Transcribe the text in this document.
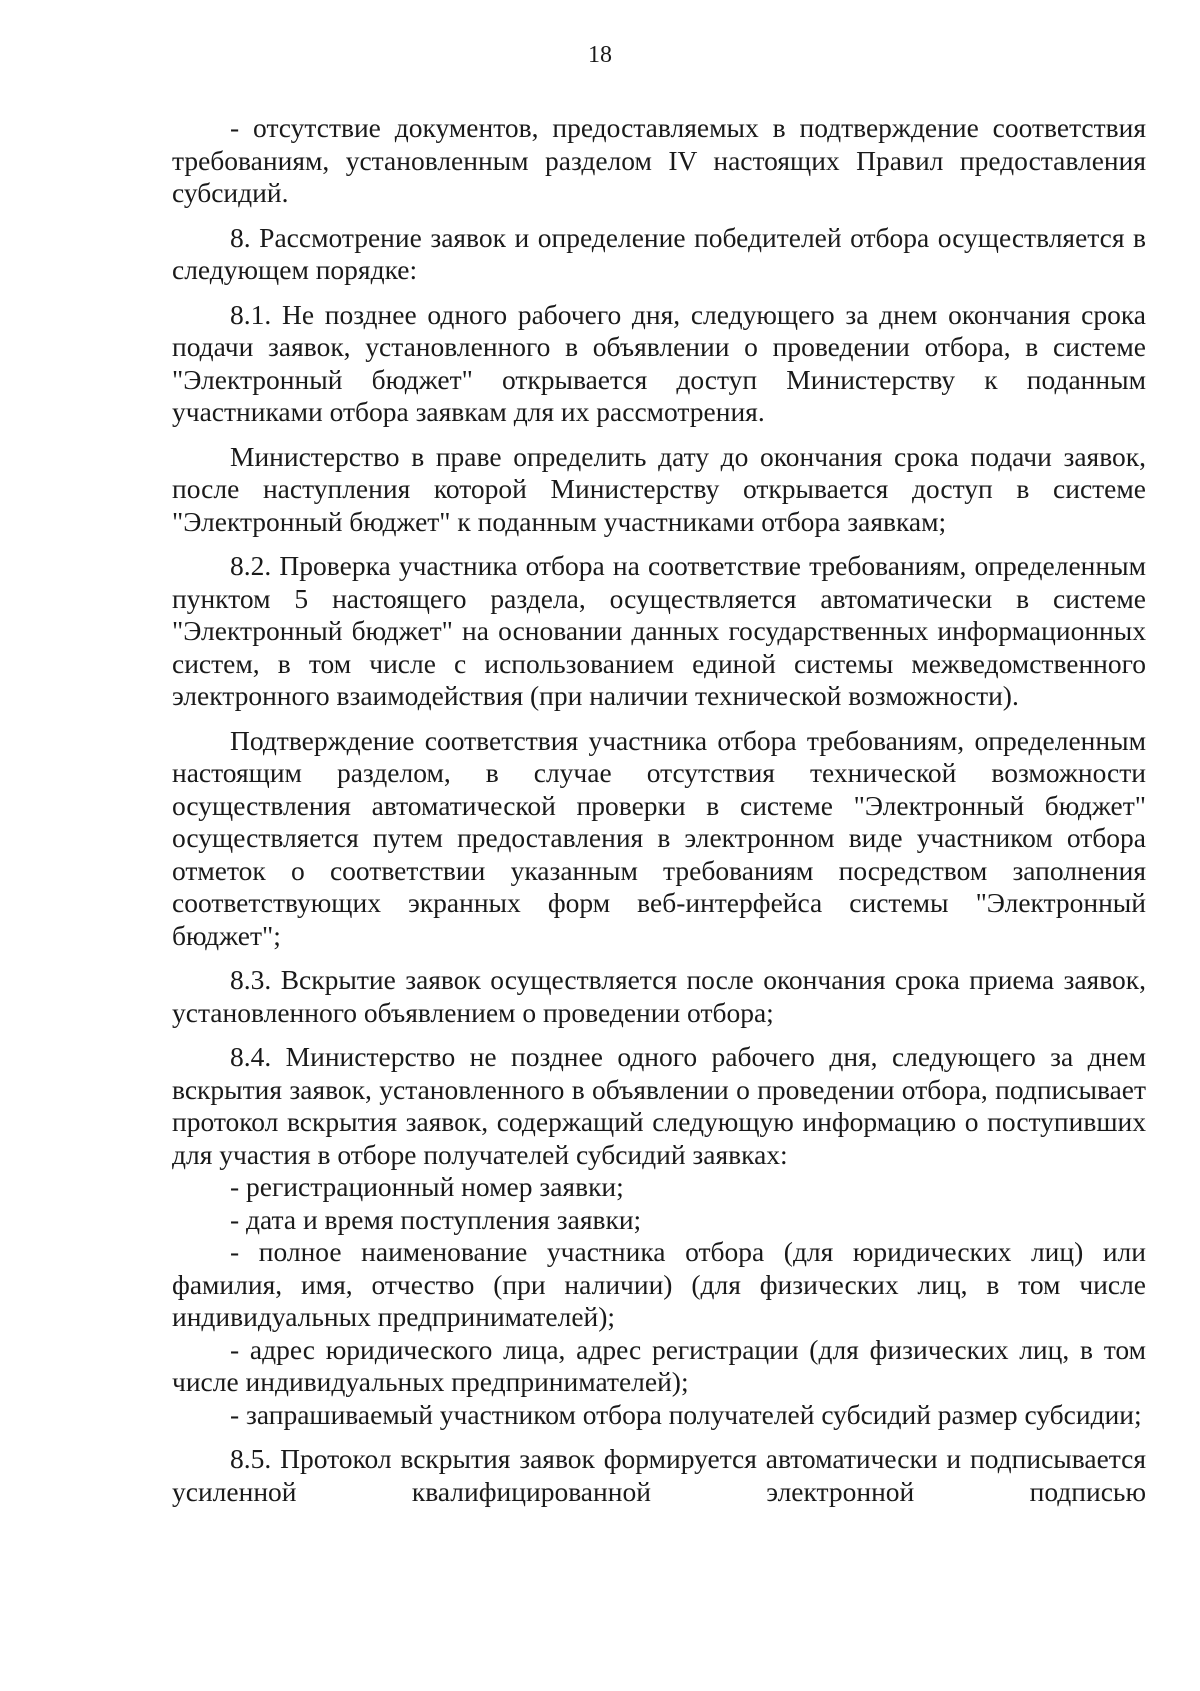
18

- отсутствие документов, предоставляемых в подтверждение соответствия требованиям, установленным разделом IV настоящих Правил предоставления субсидий.

8. Рассмотрение заявок и определение победителей отбора осуществляется в следующем порядке:

8.1. Не позднее одного рабочего дня, следующего за днем окончания срока подачи заявок, установленного в объявлении о проведении отбора, в системе "Электронный бюджет" открывается доступ Министерству к поданным участниками отбора заявкам для их рассмотрения.

Министерство в праве определить дату до окончания срока подачи заявок, после наступления которой Министерству открывается доступ в системе "Электронный бюджет" к поданным участниками отбора заявкам;

8.2. Проверка участника отбора на соответствие требованиям, определенным пунктом 5 настоящего раздела, осуществляется автоматически в системе "Электронный бюджет" на основании данных государственных информационных систем, в том числе с использованием единой системы межведомственного электронного взаимодействия (при наличии технической возможности).

Подтверждение соответствия участника отбора требованиям, определенным настоящим разделом, в случае отсутствия технической возможности осуществления автоматической проверки в системе "Электронный бюджет" осуществляется путем предоставления в электронном виде участником отбора отметок о соответствии указанным требованиям посредством заполнения соответствующих экранных форм веб-интерфейса системы "Электронный бюджет";

8.3. Вскрытие заявок осуществляется после окончания срока приема заявок, установленного объявлением о проведении отбора;

8.4. Министерство не позднее одного рабочего дня, следующего за днем вскрытия заявок, установленного в объявлении о проведении отбора, подписывает протокол вскрытия заявок, содержащий следующую информацию о поступивших для участия в отборе получателей субсидий заявках:

- регистрационный номер заявки;

- дата и время поступления заявки;

- полное наименование участника отбора (для юридических лиц) или фамилия, имя, отчество (при наличии) (для физических лиц, в том числе индивидуальных предпринимателей);

- адрес юридического лица, адрес регистрации (для физических лиц, в том числе индивидуальных предпринимателей);

- запрашиваемый участником отбора получателей субсидий размер субсидии;

8.5. Протокол вскрытия заявок формируется автоматически и подписывается усиленной квалифицированной электронной подписью
